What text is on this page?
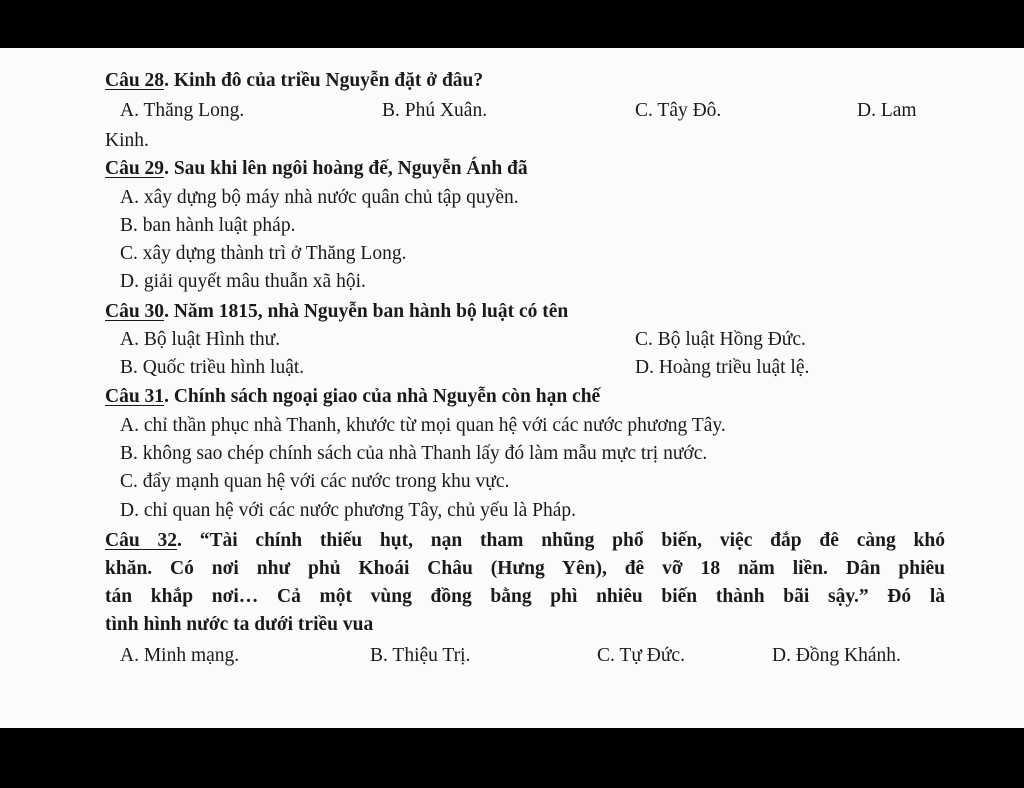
Câu 28. Kinh đô của triều Nguyễn đặt ở đâu?
A. Thăng Long.	B. Phú Xuân.	C. Tây Đô.	D. Lam
Kinh.
Câu 29. Sau khi lên ngôi hoàng đế, Nguyễn Ánh đã
A. xây dựng bộ máy nhà nước quân chủ tập quyền.
B. ban hành luật pháp.
C. xây dựng thành trì ở Thăng Long.
D. giải quyết mâu thuẫn xã hội.
Câu 30. Năm 1815, nhà Nguyễn ban hành bộ luật có tên
A. Bộ luật Hình thư.	C. Bộ luật Hồng Đức.
B. Quốc triều hình luật.	D. Hoàng triều luật lệ.
Câu 31. Chính sách ngoại giao của nhà Nguyễn còn hạn chế
A. chỉ thần phục nhà Thanh, khước từ mọi quan hệ với các nước phương Tây.
B. không sao chép chính sách của nhà Thanh lấy đó làm mẫu mực trị nước.
C. đẩy mạnh quan hệ với các nước trong khu vực.
D. chỉ quan hệ với các nước phương Tây, chủ yếu là Pháp.
Câu 32. “Tài chính thiếu hụt, nạn tham nhũng phổ biến, việc đắp đê càng khó
khăn. Có nơi như phủ Khoái Châu (Hưng Yên), đê vỡ 18 năm liền. Dân phiêu
tán khắp nơi… Cả một vùng đồng bằng phì nhiêu biến thành bãi sậy.” Đó là
tình hình nước ta dưới triều vua
A. Minh mạng.	B. Thiệu Trị.	C. Tự Đức.	D. Đồng Khánh.
